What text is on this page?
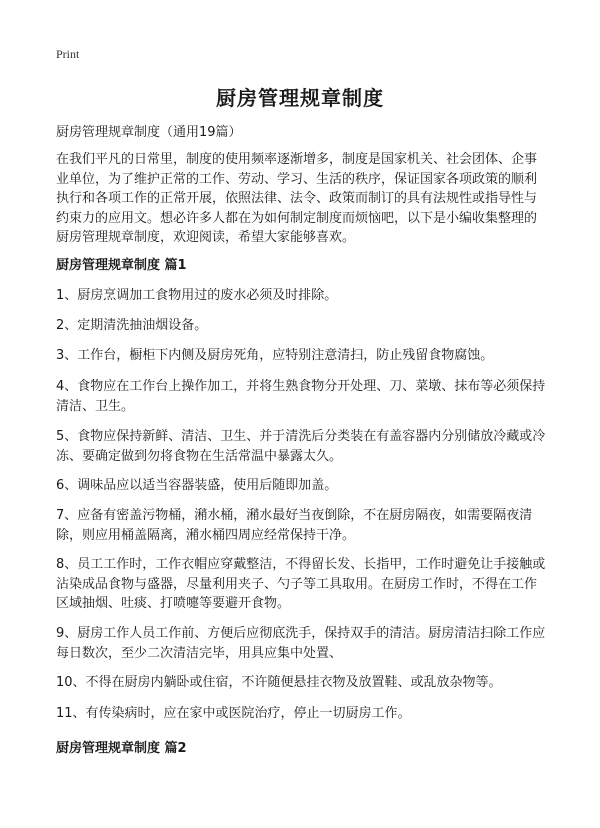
Print
厨房管理规章制度
厨房管理规章制度（通用19篇）

在我们平凡的日常里，制度的使用频率逐渐增多，制度是国家机关、社会团体、企事业单位，为了维护正常的工作、劳动、学习、生活的秩序，保证国家各项政策的顺利执行和各项工作的正常开展，依照法律、法令、政策而制订的具有法规性或指导性与约束力的应用文。想必许多人都在为如何制定制度而烦恼吧，以下是小编收集整理的厨房管理规章制度，欢迎阅读，希望大家能够喜欢。

厨房管理规章制度 篇1

1、厨房烹调加工食物用过的废水必须及时排除。

2、定期清洗抽油烟设备。

3、工作台，橱柜下内侧及厨房死角，应特别注意清扫，防止残留食物腐蚀。

4、食物应在工作台上操作加工，并将生熟食物分开处理、刀、菜墩、抹布等必须保持清洁、卫生。

5、食物应保持新鲜、清洁、卫生、并于清洗后分类装在有盖容器内分别储放冷藏或冷冻、要确定做到勿将食物在生活常温中暴露太久。

6、调味品应以适当容器装盛，使用后随即加盖。

7、应备有密盖污物桶，潲水桶，潲水最好当夜倒除，不在厨房隔夜，如需要隔夜清除，则应用桶盖隔离，潲水桶四周应经常保持干净。

8、员工工作时，工作衣帽应穿戴整洁，不得留长发、长指甲，工作时避免让手接触或沾染成品食物与盛器，尽量利用夹子、勺子等工具取用。在厨房工作时，不得在工作区域抽烟、吐痰、打喷嚏等要避开食物。

9、厨房工作人员工作前、方便后应彻底洗手，保持双手的清洁。厨房清洁扫除工作应每日数次，至少二次清洁完毕，用具应集中处置、

10、不得在厨房内躺卧或住宿，不许随便悬挂衣物及放置鞋、或乱放杂物等。

11、有传染病时，应在家中或医院治疗，停止一切厨房工作。

厨房管理规章制度 篇2
